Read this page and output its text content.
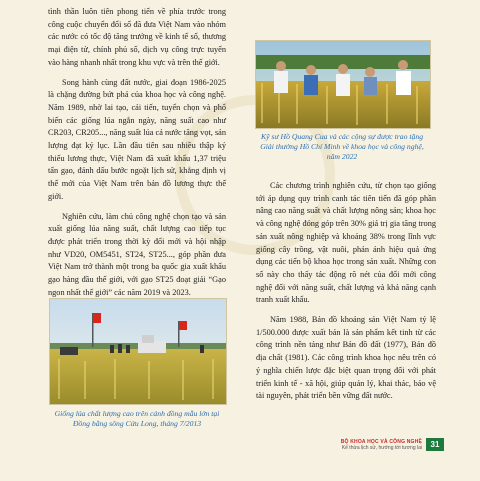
tình thần luôn tiên phong tiến về phía trước trong công cuộc chuyển đổi số đã đưa Việt Nam vào nhóm các nước có tốc độ tăng trưởng về kinh tế số, thương mại điện tử, chính phủ số, dịch vụ công trực tuyến vào hàng nhanh nhất trong khu vực và trên thế giới.

Song hành cùng đất nước, giai đoạn 1986-2025 là chặng đường bứt phá của khoa học và công nghệ. Năm 1989, nhờ lai tạo, cải tiến, tuyển chọn và phổ biến các giống lúa ngắn ngày, năng suất cao như CR203, CR205..., năng suất lúa cả nước tăng vọt, sản lượng đạt kỷ lục. Lần đầu tiên sau nhiều thập kỷ thiếu lương thực, Việt Nam đã xuất khẩu 1,37 triệu tấn gạo, đánh dấu bước ngoặt lịch sử, khẳng định vị thế mới của Việt Nam trên bản đồ lương thực thế giới.

Nghiên cứu, làm chủ công nghệ chọn tạo và sản xuất giống lúa năng suất, chất lượng cao tiếp tục được phát triển trong thời kỳ đổi mới và hội nhập như VD20, OM5451, ST24, ST25..., góp phần đưa Việt Nam trở thành một trong ba quốc gia xuất khẩu gạo hàng đầu thế giới, với gạo ST25 đoạt giải “Gạo ngon nhất thế giới” các năm 2019 và 2023.

Kỹ sư Hồ Quang Cua và các cộng sự được trao tặng Giải thưởng Hồ Chí Minh về khoa học và công nghệ, năm 2022

Các chương trình nghiên cứu, từ chọn tạo giống tới áp dụng quy trình canh tác tiên tiến đã góp phần nâng cao năng suất và chất lượng nông sản; khoa học và công nghệ đóng góp trên 30% giá trị gia tăng trong sản xuất nông nghiệp và khoảng 38% trong lĩnh vực giống cây trồng, vật nuôi, phản ánh hiệu quả ứng dụng các tiến bộ khoa học trong sản xuất. Những con số này cho thấy tác động rõ nét của đổi mới công nghệ đối với năng suất, chất lượng và khả năng cạnh tranh xuất khẩu.

Năm 1988, Bản đồ khoảng sản Việt Nam tỷ lệ 1/500.000 được xuất bản là sản phẩm kết tinh từ các công trình nền tảng như Bản đồ đất (1977), Bản đồ địa chất (1981). Các công trình khoa học nêu trên có ý nghĩa chiến lược đặc biệt quan trọng đối với phát triển kinh tế - xã hội, giúp quản lý, khai thác, bảo vệ tài nguyên, phát triển bền vững đất nước.

Giống lúa chất lượng cao trên cánh đồng mẫu lớn tại Đồng bằng sông Cửu Long, tháng 7/2013
BỘ KHOA HỌC VÀ CÔNG NGHỆ
Kế thừa lịch sử, hướng tới tương lai	31
